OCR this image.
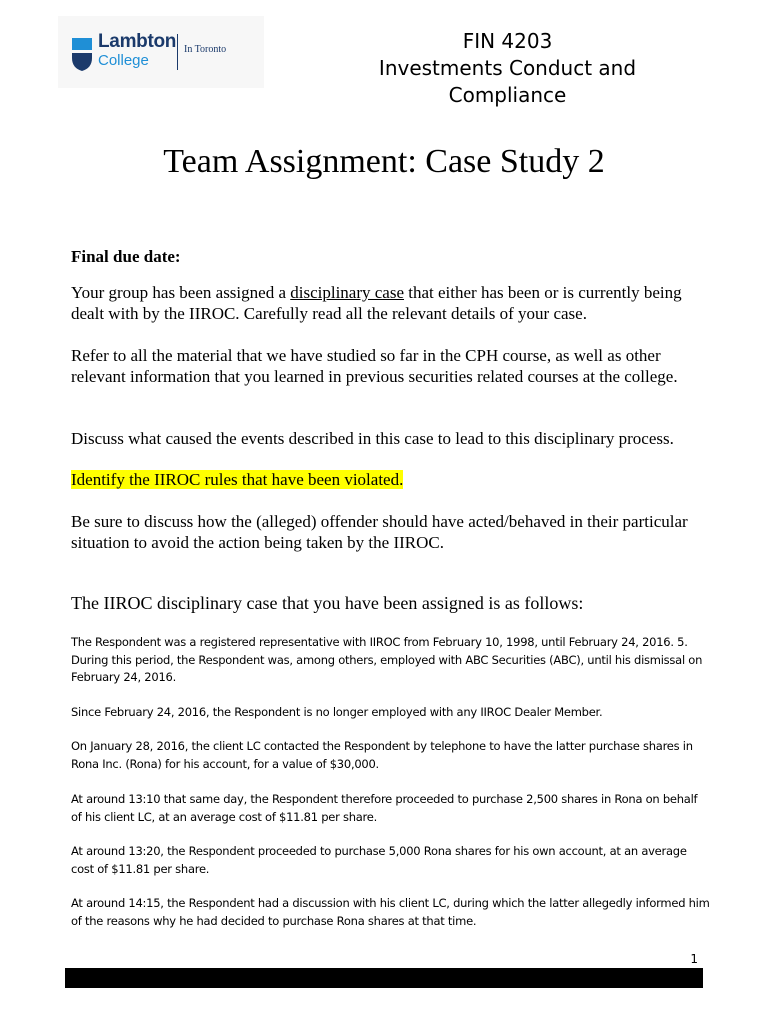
Lambton
College
In Toronto	FIN 4203
Investments Conduct and
Compliance
Team Assignment: Case Study 2

Final due date:

Your group has been assigned a disciplinary case that either has been or is currently being dealt with by the IIROC. Carefully read all the relevant details of your case.

Refer to all the material that we have studied so far in the CPH course, as well as other relevant information that you learned in previous securities related courses at the college.

Discuss what caused the events described in this case to lead to this disciplinary process.

Identify the IIROC rules that have been violated.

Be sure to discuss how the (alleged) offender should have acted/behaved in their particular situation to avoid the action being taken by the IIROC.

The IIROC disciplinary case that you have been assigned is as follows:

The Respondent was a registered representative with IIROC from February 10, 1998, until February 24, 2016. 5. During this period, the Respondent was, among others, employed with ABC Securities (ABC), until his dismissal on February 24, 2016.

Since February 24, 2016, the Respondent is no longer employed with any IIROC Dealer Member.

On January 28, 2016, the client LC contacted the Respondent by telephone to have the latter purchase shares in Rona Inc. (Rona) for his account, for a value of $30,000.

At around 13:10 that same day, the Respondent therefore proceeded to purchase 2,500 shares in Rona on behalf of his client LC, at an average cost of $11.81 per share.

At around 13:20, the Respondent proceeded to purchase 5,000 Rona shares for his own account, at an average cost of $11.81 per share.

At around 14:15, the Respondent had a discussion with his client LC, during which the latter allegedly informed him of the reasons why he had decided to purchase Rona shares at that time.

1
